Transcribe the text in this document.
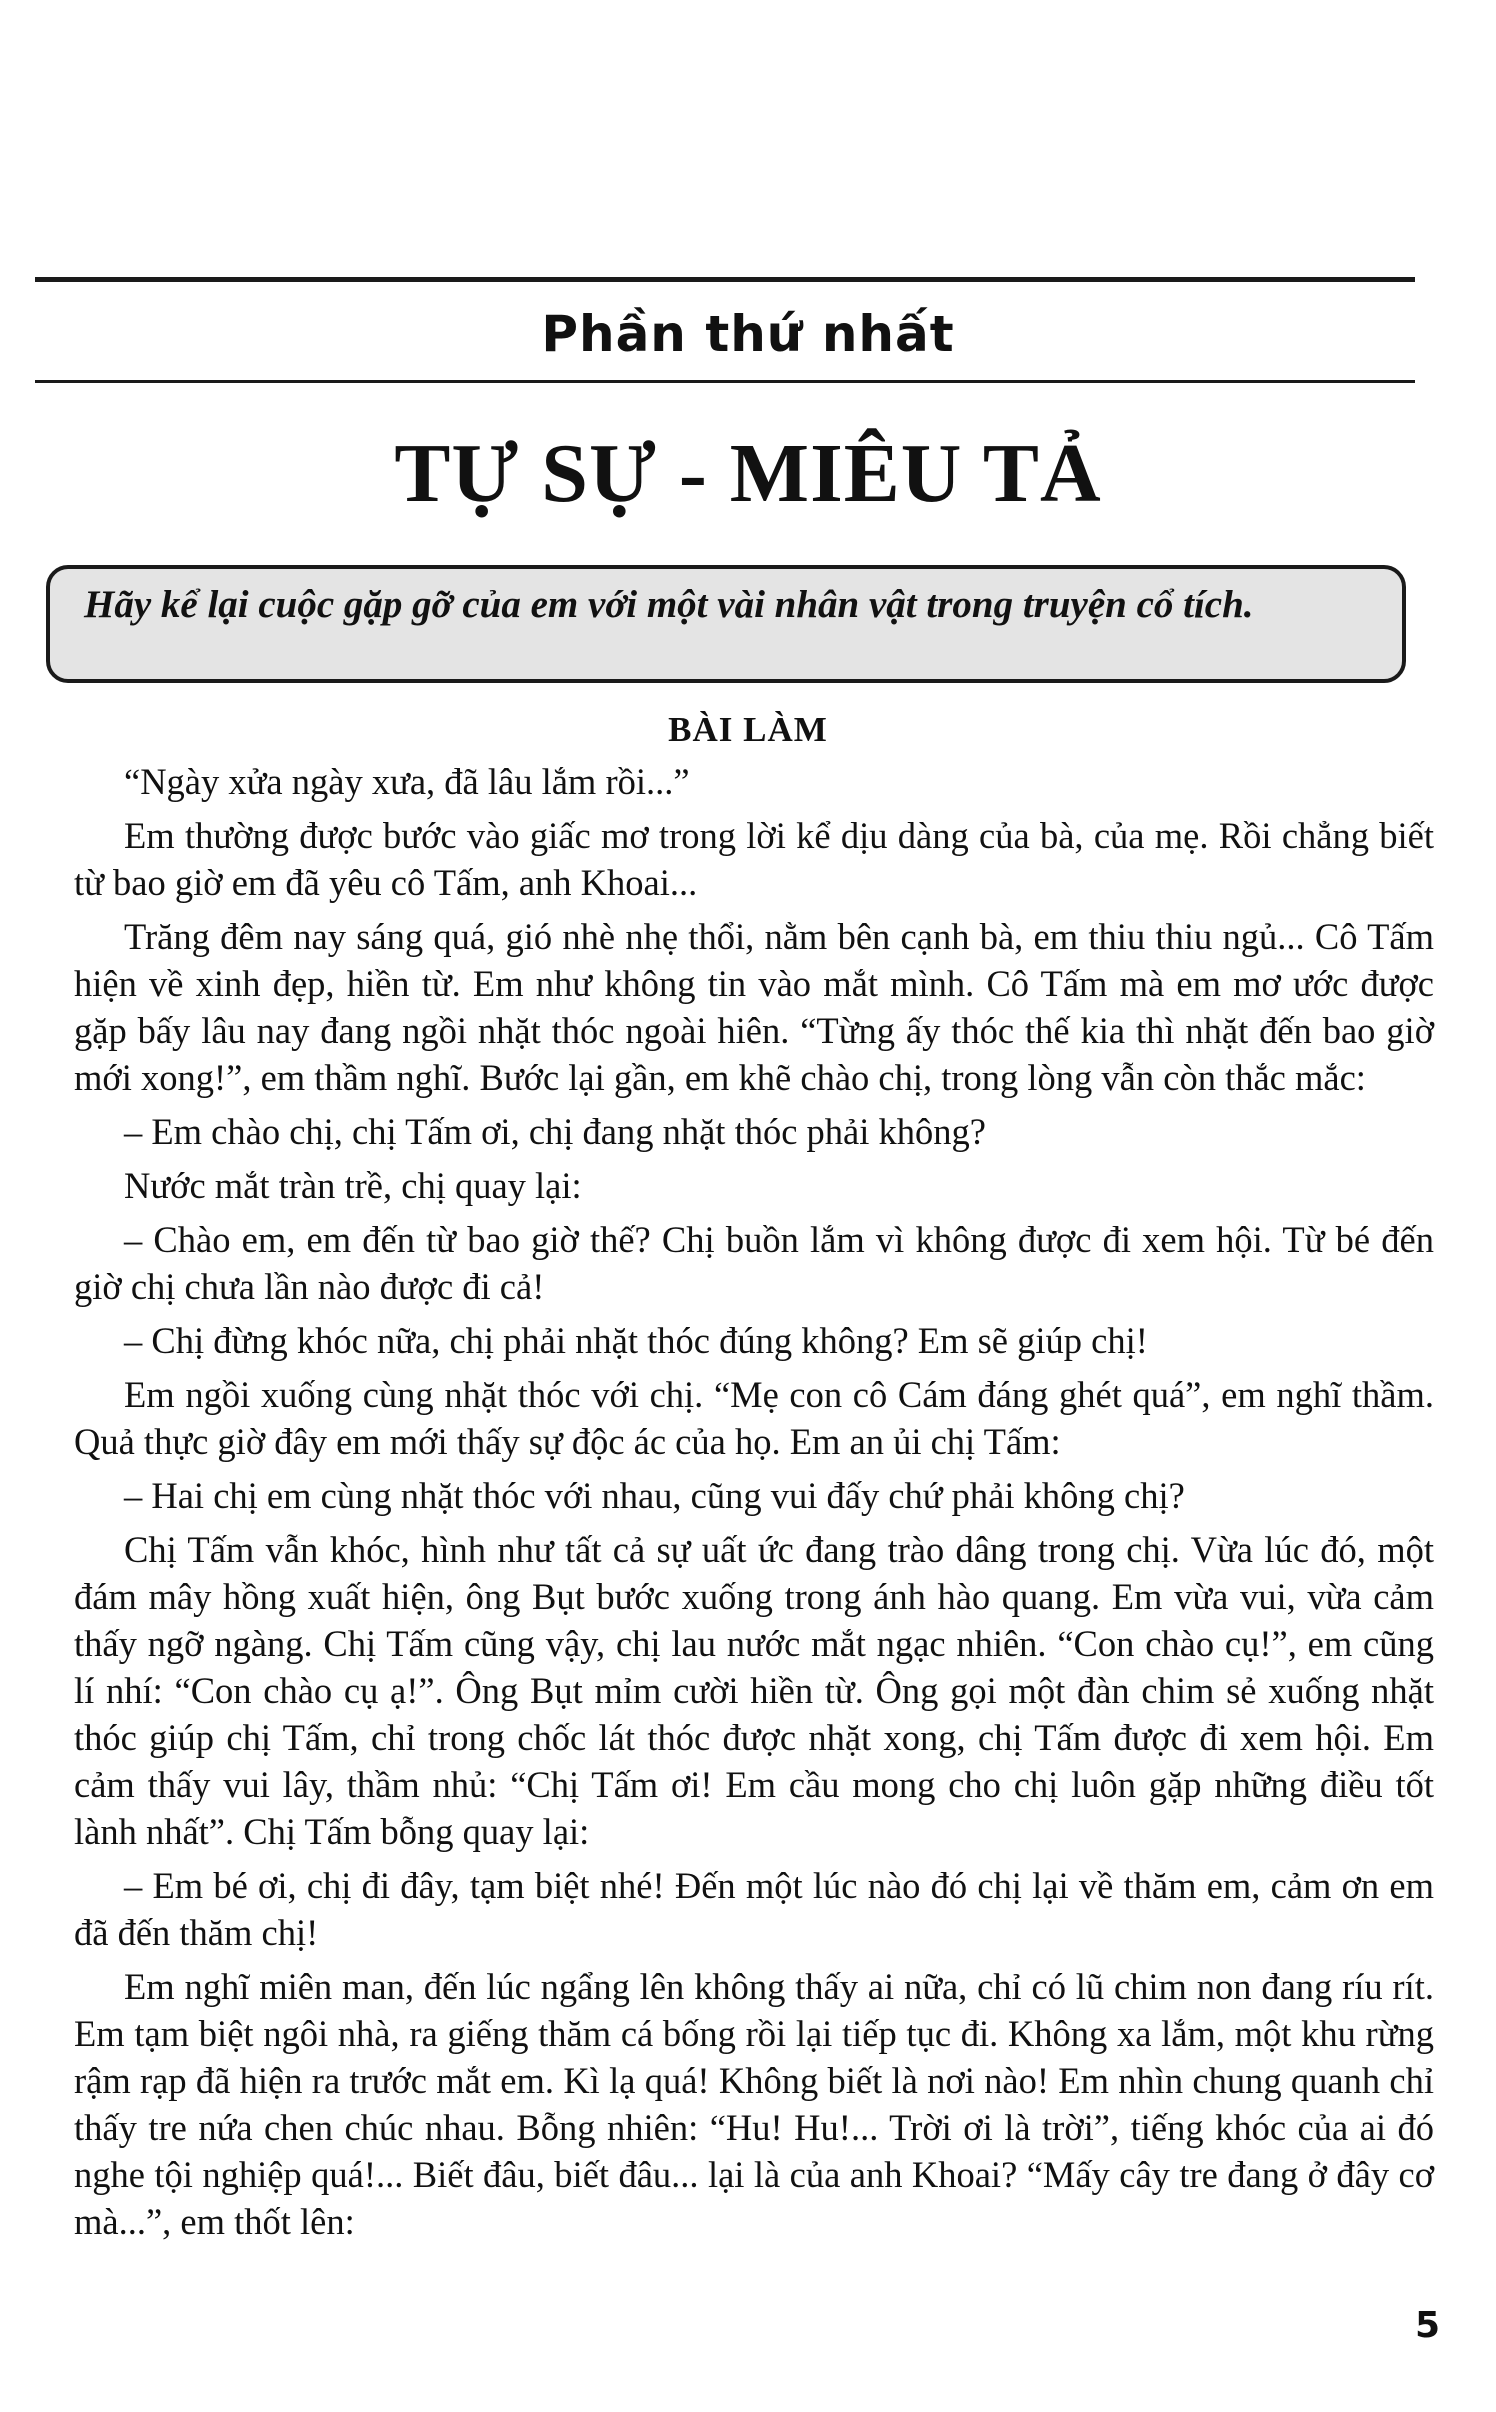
Phần thứ nhất
TỰ SỰ - MIÊU TẢ

Hãy kể lại cuộc gặp gỡ của em với một vài nhân vật trong truyện cổ tích.

BÀI LÀM

“Ngày xửa ngày xưa, đã lâu lắm rồi...”

Em thường được bước vào giấc mơ trong lời kể dịu dàng của bà, của mẹ. Rồi chẳng biết từ bao giờ em đã yêu cô Tấm, anh Khoai...

Trăng đêm nay sáng quá, gió nhè nhẹ thổi, nằm bên cạnh bà, em thiu thiu ngủ... Cô Tấm hiện về xinh đẹp, hiền từ. Em như không tin vào mắt mình. Cô Tấm mà em mơ ước được gặp bấy lâu nay đang ngồi nhặt thóc ngoài hiên. “Từng ấy thóc thế kia thì nhặt đến bao giờ mới xong!”, em thầm nghĩ. Bước lại gần, em khẽ chào chị, trong lòng vẫn còn thắc mắc:

– Em chào chị, chị Tấm ơi, chị đang nhặt thóc phải không?

Nước mắt tràn trề, chị quay lại:

– Chào em, em đến từ bao giờ thế? Chị buồn lắm vì không được đi xem hội. Từ bé đến giờ chị chưa lần nào được đi cả!

– Chị đừng khóc nữa, chị phải nhặt thóc đúng không? Em sẽ giúp chị!

Em ngồi xuống cùng nhặt thóc với chị. “Mẹ con cô Cám đáng ghét quá”, em nghĩ thầm. Quả thực giờ đây em mới thấy sự độc ác của họ. Em an ủi chị Tấm:

– Hai chị em cùng nhặt thóc với nhau, cũng vui đấy chứ phải không chị?

Chị Tấm vẫn khóc, hình như tất cả sự uất ức đang trào dâng trong chị. Vừa lúc đó, một đám mây hồng xuất hiện, ông Bụt bước xuống trong ánh hào quang. Em vừa vui, vừa cảm thấy ngỡ ngàng. Chị Tấm cũng vậy, chị lau nước mắt ngạc nhiên. “Con chào cụ!”, em cũng lí nhí: “Con chào cụ ạ!”. Ông Bụt mỉm cười hiền từ. Ông gọi một đàn chim sẻ xuống nhặt thóc giúp chị Tấm, chỉ trong chốc lát thóc được nhặt xong, chị Tấm được đi xem hội. Em cảm thấy vui lây, thầm nhủ: “Chị Tấm ơi! Em cầu mong cho chị luôn gặp những điều tốt lành nhất”. Chị Tấm bỗng quay lại:

– Em bé ơi, chị đi đây, tạm biệt nhé! Đến một lúc nào đó chị lại về thăm em, cảm ơn em đã đến thăm chị!

Em nghĩ miên man, đến lúc ngẩng lên không thấy ai nữa, chỉ có lũ chim non đang ríu rít. Em tạm biệt ngôi nhà, ra giếng thăm cá bống rồi lại tiếp tục đi. Không xa lắm, một khu rừng rậm rạp đã hiện ra trước mắt em. Kì lạ quá! Không biết là nơi nào! Em nhìn chung quanh chỉ thấy tre nứa chen chúc nhau. Bỗng nhiên: “Hu! Hu!... Trời ơi là trời”, tiếng khóc của ai đó nghe tội nghiệp quá!... Biết đâu, biết đâu... lại là của anh Khoai? “Mấy cây tre đang ở đây cơ mà...”, em thốt lên:

5
